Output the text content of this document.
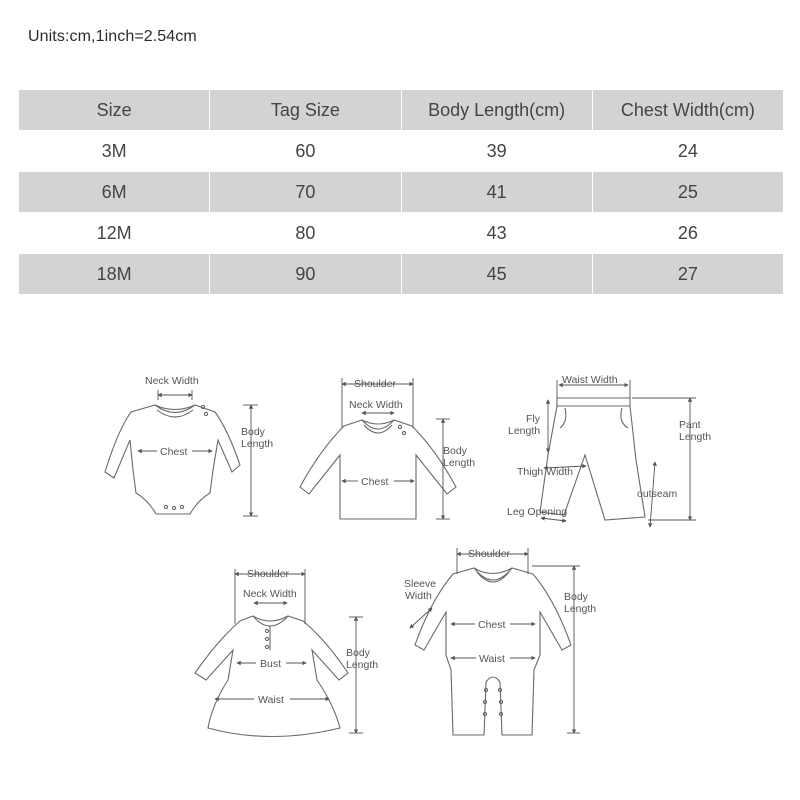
Units:cm,1inch=2.54cm
Size	Tag Size	Body Length(cm)	Chest Width(cm)
3M	60	39	24
6M	70	41	25
12M	80	43	26
18M	90	45	27
Neck Width
Chest
Body
Length
Shoulder
Neck Width
Chest
Body
Length
Waist Width
Fly
Length	Pant
Length
Thigh Width
outseam
Leg Opening
Shoulder
Neck Width
Bust
Waist
Body
Length
Shoulder
Sleeve
Width
Chest
Waist
Body
Length
